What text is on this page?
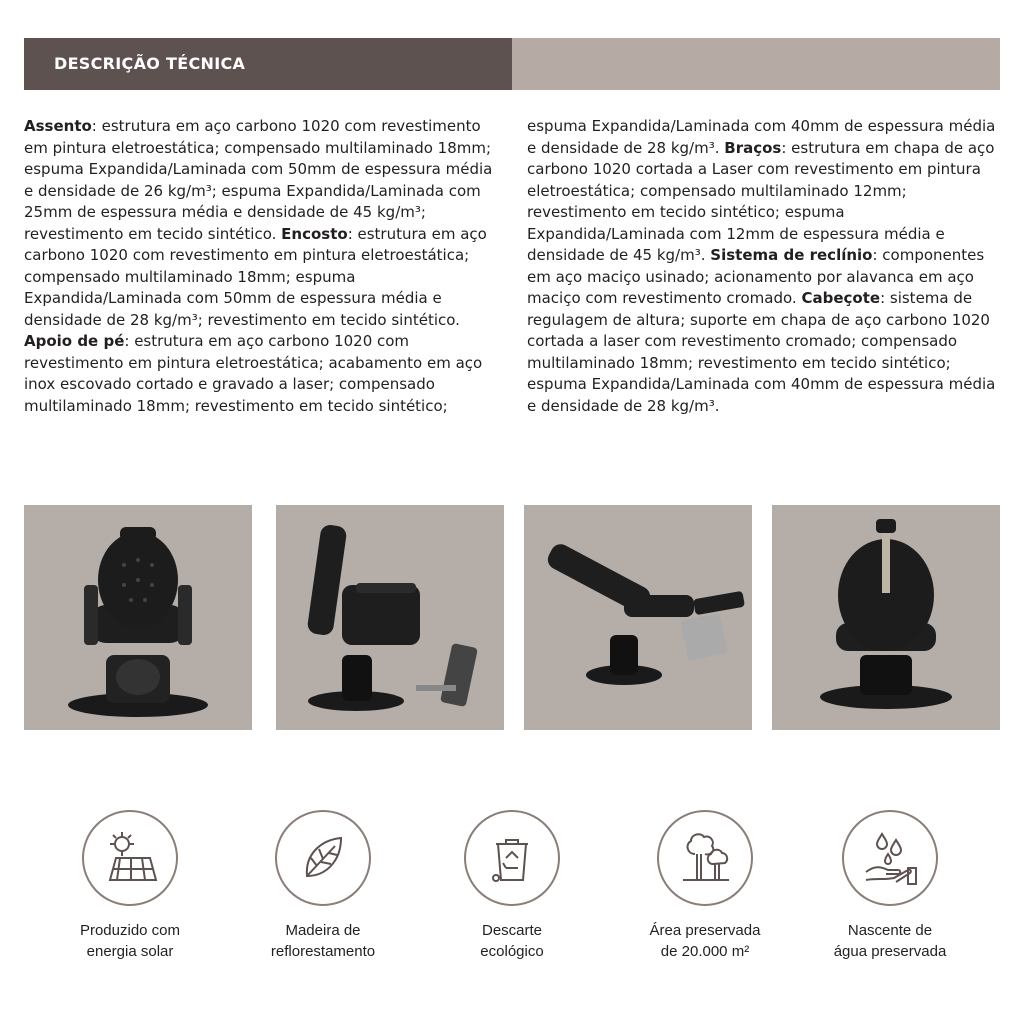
DESCRIÇÃO TÉCNICA
Assento: estrutura em aço carbono 1020 com revestimento em pintura eletroestática; compensado multilaminado 18mm; espuma Expandida/Laminada com 50mm de espessura média e densidade de 26 kg/m³; espuma Expandida/Laminada com 25mm de espessura média e densidade de 45 kg/m³; revestimento em tecido sintético. Encosto: estrutura em aço carbono 1020 com revestimento em pintura eletroestática; compensado multilaminado 18mm; espuma Expandida/Laminada com 50mm de espessura média e densidade de 28 kg/m³; revestimento em tecido sintético. Apoio de pé: estrutura em aço carbono 1020 com revestimento em pintura eletroestática; acabamento em aço inox escovado cortado e gravado a laser; compensado multilaminado 18mm; revestimento em tecido sintético;
espuma Expandida/Laminada com 40mm de espessura média e densidade de 28 kg/m³. Braços: estrutura em chapa de aço carbono 1020 cortada a Laser com revestimento em pintura eletroestática; compensado multilaminado 12mm; revestimento em tecido sintético; espuma Expandida/Laminada com 12mm de espessura média e densidade de 45 kg/m³. Sistema de reclínio: componentes em aço maciço usinado; acionamento por alavanca em aço maciço com revestimento cromado. Cabeçote: sistema de regulagem de altura; suporte em chapa de aço carbono 1020 cortada a laser com revestimento cromado; compensado multilaminado 18mm; revestimento em tecido sintético; espuma Expandida/Laminada com 40mm de espessura média e densidade de 28 kg/m³.
Produzido com
energia solar
Madeira de
reflorestamento
Descarte
ecológico
Área preservada
de 20.000 m²
Nascente de
água preservada
